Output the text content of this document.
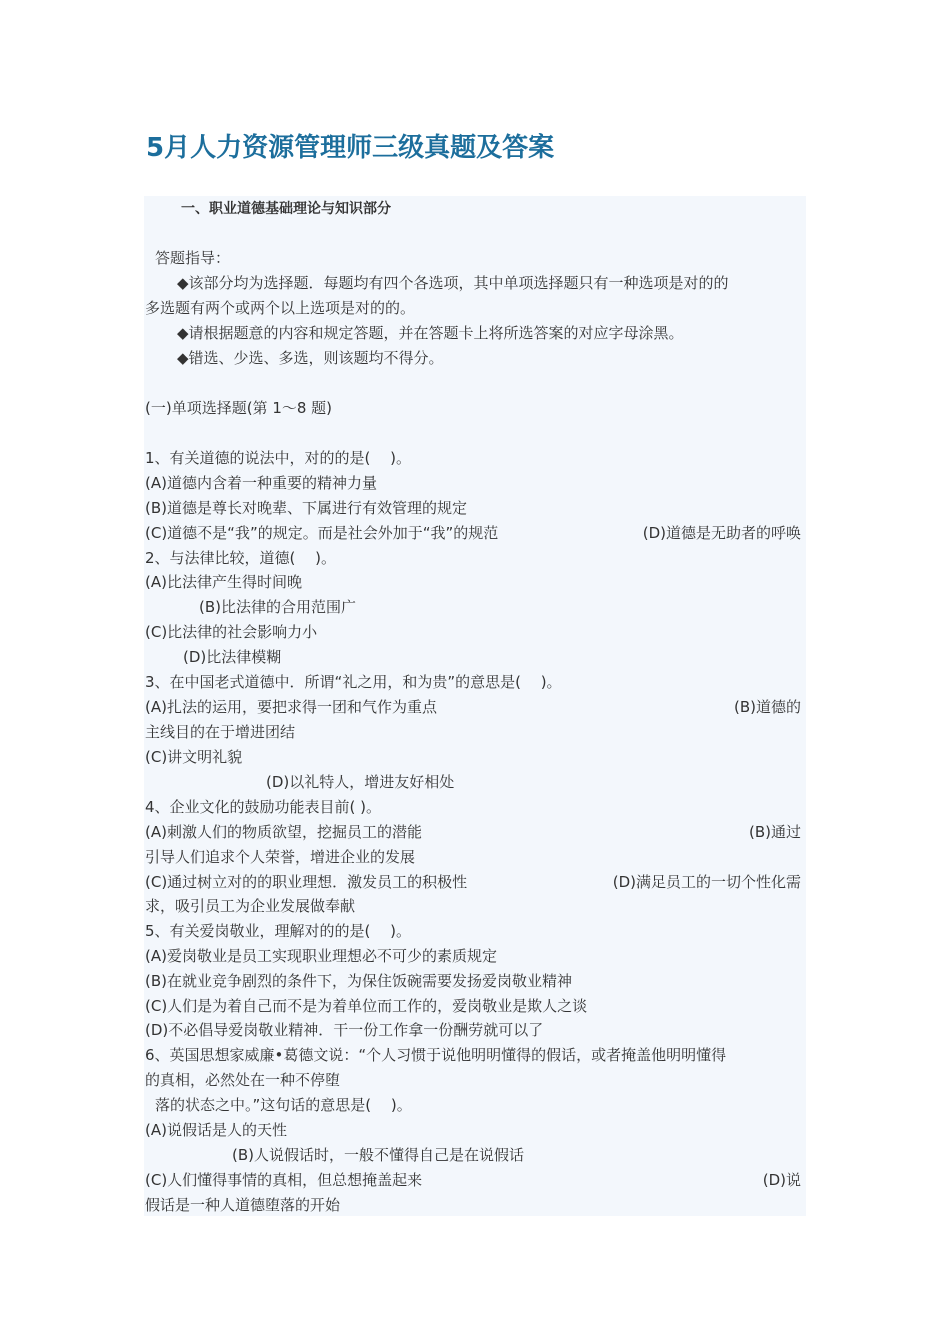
5月人力资源管理师三级真题及答案
一、职业道德基础理论与知识部分
答题指导：
◆该部分均为选择题．每题均有四个各选项，其中单项选择题只有一种选项是对的的
多选题有两个或两个以上选项是对的的。
◆请根据题意的内容和规定答题，并在答题卡上将所选答案的对应字母涂黑。
◆错选、少选、多选，则该题均不得分。
(一)单项选择题(第 1～8 题)
1、有关道德的说法中，对的的是(　 )。
(A)道德内含着一种重要的精神力量
(B)道德是尊长对晚辈、下属进行有效管理的规定
(C)道德不是“我”的规定。而是社会外加于“我”的规范	(D)道德是无助者的呼唤
2、与法律比较，道德(　 )。
(A)比法律产生得时间晚
(B)比法律的合用范围广
(C)比法律的社会影响力小
(D)比法律模糊
3、在中国老式道德中．所谓“礼之用，和为贵”的意思是(　 )。
(A)扎法的运用，要把求得一团和气作为重点	(B)道德的
主线目的在于增进团结
(C)讲文明礼貌
(D)以礼特人，增进友好相处
4、企业文化的鼓励功能表目前( )。
(A)刺激人们的物质欲望，挖掘员工的潜能	(B)通过
引导人们追求个人荣誉，增进企业的发展
(C)通过树立对的的职业理想．激发员工的积极性	(D)满足员工的一切个性化需
求，吸引员工为企业发展做奉献
5、有关爱岗敬业，理解对的的是(　 )。
(A)爱岗敬业是员工实现职业理想必不可少的素质规定
(B)在就业竞争剧烈的条件下，为保住饭碗需要发扬爱岗敬业精神
(C)人们是为着自己而不是为着单位而工作的，爱岗敬业是欺人之谈
(D)不必倡导爱岗敬业精神．干一份工作拿一份酬劳就可以了
6、英国思想家威廉•葛德文说：“个人习惯于说他明明懂得的假话，或者掩盖他明明懂得
的真相，必然处在一种不停堕
落的状态之中。”这句话的意思是(　 )。
(A)说假话是人的天性
(B)人说假话时，一般不懂得自己是在说假话
(C)人们懂得事情的真相，但总想掩盖起来	(D)说
假话是一种人道德堕落的开始
